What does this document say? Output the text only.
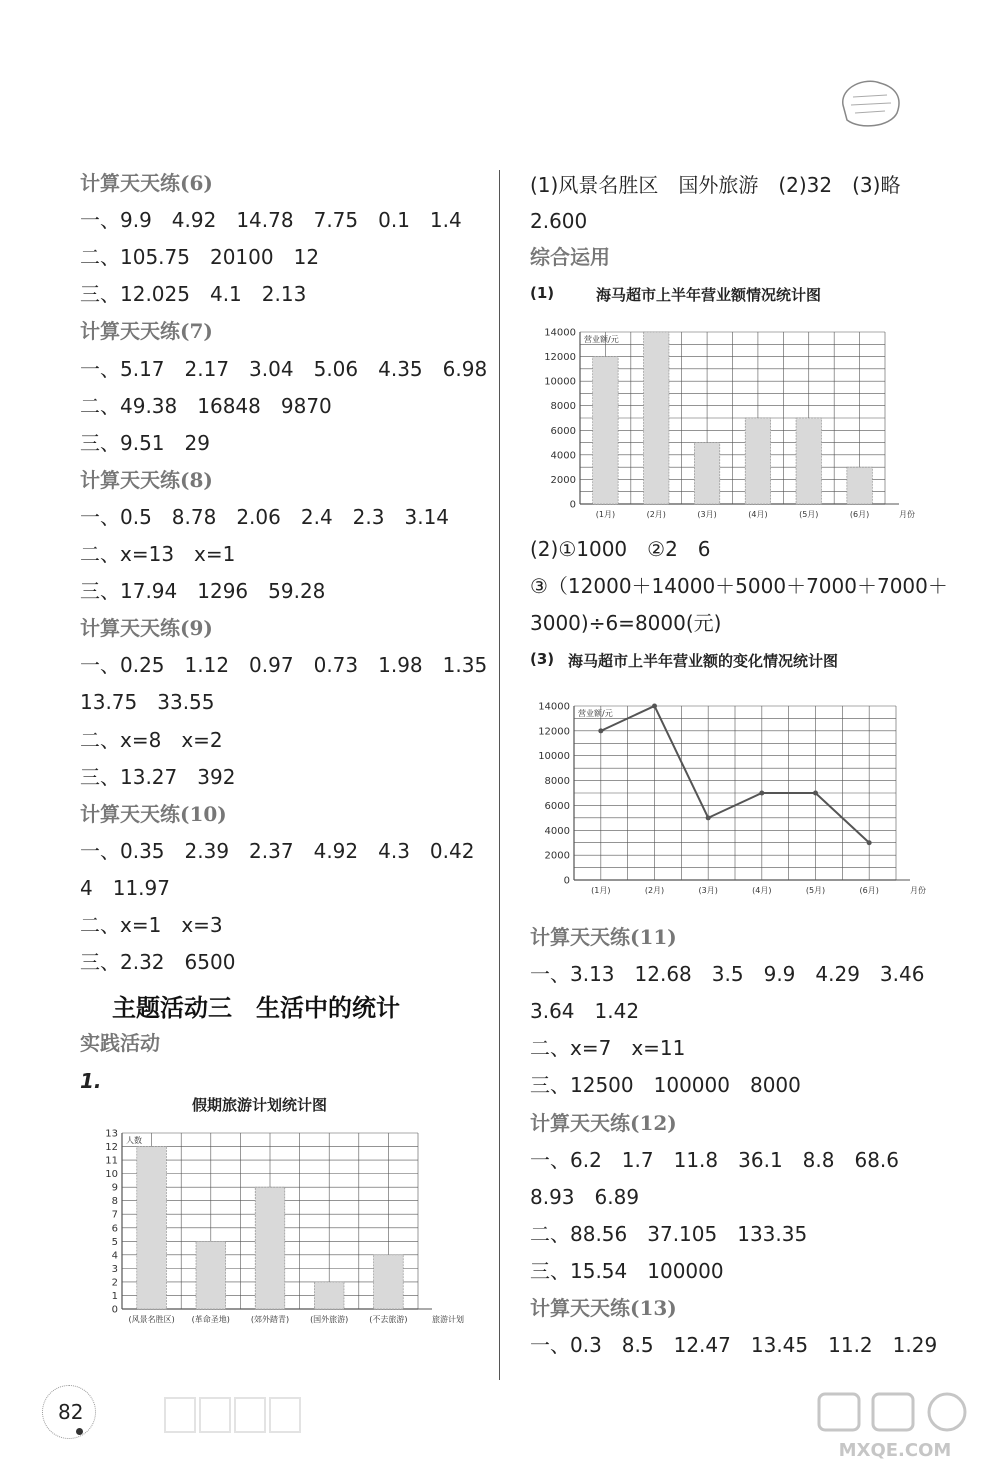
计算天天练(6)
一、9.9　4.92　14.78　7.75　0.1　1.4
二、105.75　20100　12
三、12.025　4.1　2.13
计算天天练(7)
一、5.17　2.17　3.04　5.06　4.35　6.98
二、49.38　16848　9870
三、9.51　29
计算天天练(8)
一、0.5　8.78　2.06　2.4　2.3　3.14
二、x=13　x=1
三、17.94　1296　59.28
计算天天练(9)
一、0.25　1.12　0.97　0.73　1.98　1.35
13.75　33.55
二、x=8　x=2
三、13.27　392
计算天天练(10)
一、0.35　2.39　2.37　4.92　4.3　0.42
4　11.97
二、x=1　x=3
三、2.32　6500
主题活动三　生活中的统计
实践活动
1.
假期旅游计划统计图
0
1
2
3
4
5
6
7
8
9
10
11
12
13
人数
(风景名胜区) (革命圣地)	(郊外踏青)	(国外旅游)	(不去旅游)	旅游计划
(1)风景名胜区　国外旅游　(2)32　(3)略
2.600
综合运用
(1)	海马超市上半年营业额情况统计图
0
2000
4000
6000
8000
10000
12000
14000
营业额/元
(1月)	(2月)	(3月)	(4月)	(5月)	(6月)	月份
(2)①1000　②2　6
③（12000＋14000＋5000＋7000＋7000＋
3000)÷6=8000(元)
(3) 海马超市上半年营业额的变化情况统计图
0
2000
4000
6000
8000
10000
12000
14000
营业额/元
(1月)	(2月)	(3月)	(4月)	(5月)	(6月)	月份
计算天天练(11)
一、3.13　12.68　3.5　9.9　4.29　3.46
3.64　1.42
二、x=7　x=11
三、12500　100000　8000
计算天天练(12)
一、6.2　1.7　11.8　36.1　8.8　68.6
8.93　6.89
二、88.56　37.105　133.35
三、15.54　100000
计算天天练(13)
一、0.3　8.5　12.47　13.45　11.2　1.29
82
MXQE.COM
